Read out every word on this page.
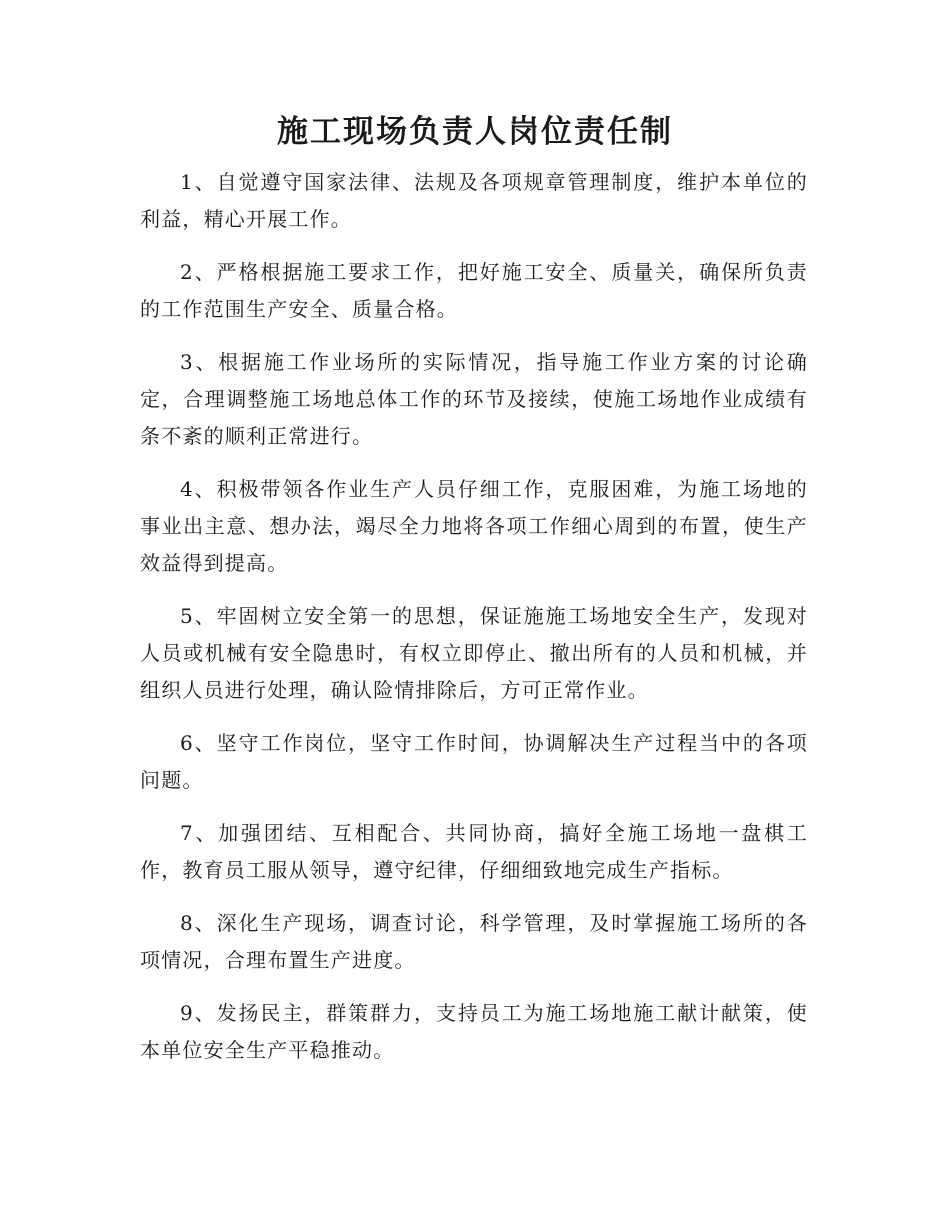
施工现场负责人岗位责任制

1、自觉遵守国家法律、法规及各项规章管理制度，维护本单位的利益，精心开展工作。

2、严格根据施工要求工作，把好施工安全、质量关，确保所负责的工作范围生产安全、质量合格。

3、根据施工作业场所的实际情况，指导施工作业方案的讨论确定，合理调整施工场地总体工作的环节及接续，使施工场地作业成绩有条不紊的顺利正常进行。

4、积极带领各作业生产人员仔细工作，克服困难，为施工场地的事业出主意、想办法，竭尽全力地将各项工作细心周到的布置，使生产效益得到提高。

5、牢固树立安全第一的思想，保证施施工场地安全生产，发现对人员或机械有安全隐患时，有权立即停止、撤出所有的人员和机械，并组织人员进行处理，确认险情排除后，方可正常作业。

6、坚守工作岗位，坚守工作时间，协调解决生产过程当中的各项问题。

7、加强团结、互相配合、共同协商，搞好全施工场地一盘棋工作，教育员工服从领导，遵守纪律，仔细细致地完成生产指标。

8、深化生产现场，调查讨论，科学管理，及时掌握施工场所的各项情况，合理布置生产进度。

9、发扬民主，群策群力，支持员工为施工场地施工献计献策，使本单位安全生产平稳推动。
